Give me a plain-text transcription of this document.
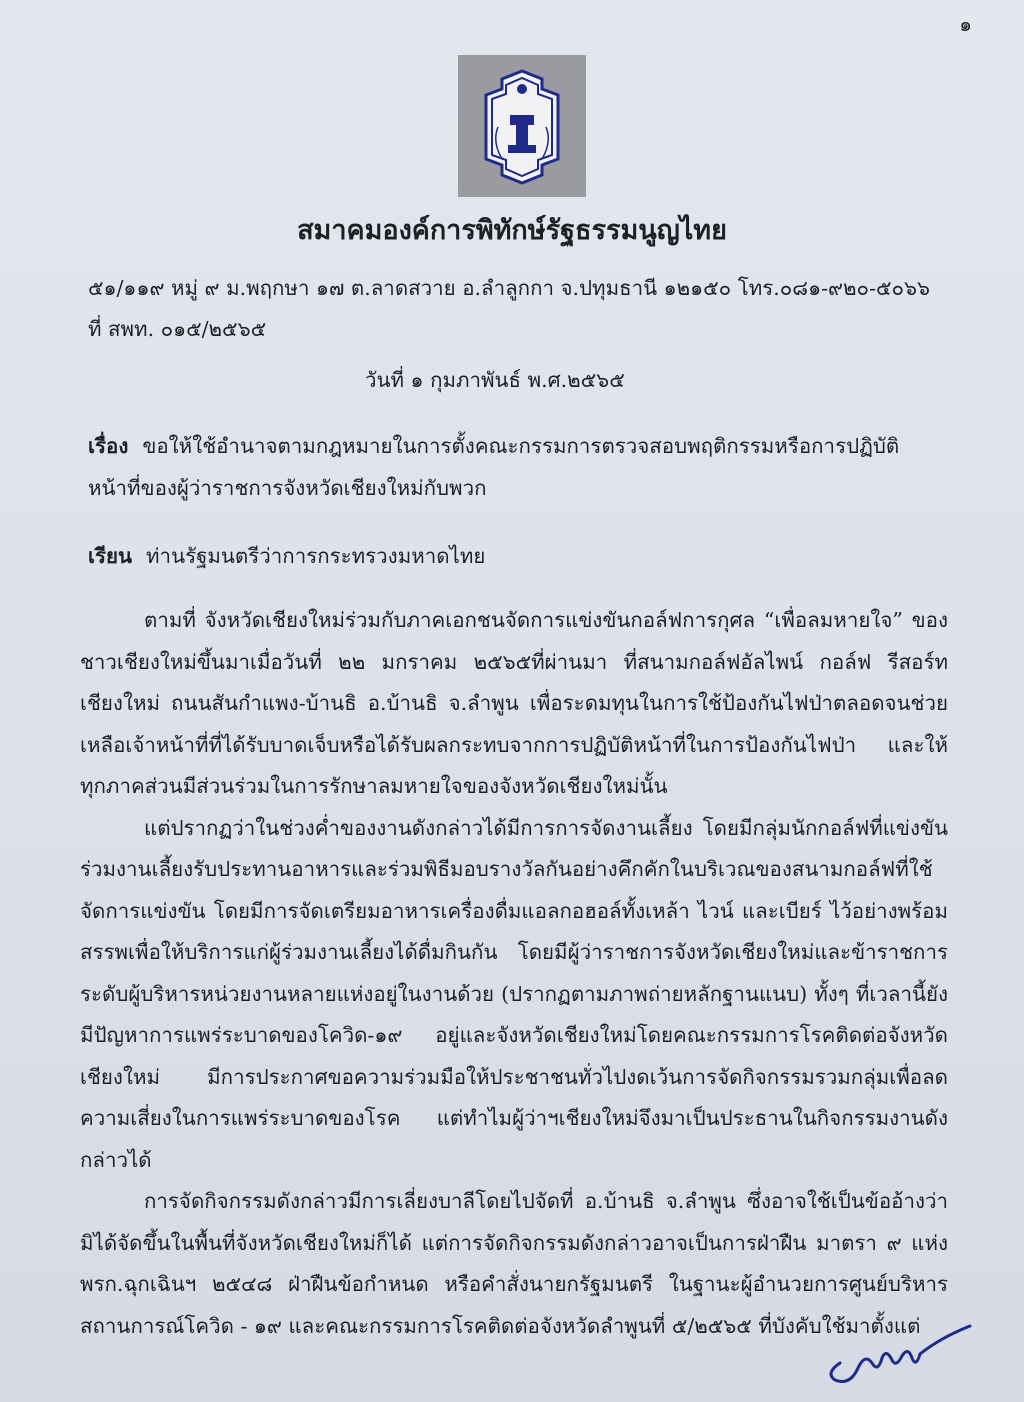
๑
สมาคมองค์การพิทักษ์รัฐธรรมนูญไทย
๕๑/๑๑๙ หมู่ ๙ ม.พฤกษา ๑๗ ต.ลาดสวาย อ.ลำลูกกา จ.ปทุมธานี ๑๒๑๕๐ โทร.๐๘๑-๙๒๐-๕๐๖๖
ที่ สพท. ๐๑๕/๒๕๖๕
วันที่ ๑ กุมภาพันธ์ พ.ศ.๒๕๖๕
เรื่อง ขอให้ใช้อำนาจตามกฎหมายในการตั้งคณะกรรมการตรวจสอบพฤติกรรมหรือการปฏิบัติหน้าที่ของผู้ว่าราชการจังหวัดเชียงใหม่กับพวก
เรียน ท่านรัฐมนตรีว่าการกระทรวงมหาดไทย

ตามที่ จังหวัดเชียงใหม่ร่วมกับภาคเอกชนจัดการแข่งขันกอล์ฟการกุศล “เพื่อลมหายใจ” ของชาวเชียงใหม่ขึ้นมาเมื่อวันที่ ๒๒ มกราคม ๒๕๖๕ที่ผ่านมา ที่สนามกอล์ฟอัลไพน์ กอล์ฟ รีสอร์ท เชียงใหม่ ถนนสันกำแพง-บ้านธิ อ.บ้านธิ จ.ลำพูน เพื่อระดมทุนในการใช้ป้องกันไฟป่าตลอดจนช่วยเหลือเจ้าหน้าที่ที่ได้รับบาดเจ็บหรือได้รับผลกระทบจากการปฏิบัติหน้าที่ในการป้องกันไฟป่า และให้ทุกภาคส่วนมีส่วนร่วมในการรักษาลมหายใจของจังหวัดเชียงใหม่นั้น

แต่ปรากฏว่าในช่วงค่ำของงานดังกล่าวได้มีการการจัดงานเลี้ยง โดยมีกลุ่มนักกอล์ฟที่แข่งขันร่วมงานเลี้ยงรับประทานอาหารและร่วมพิธีมอบรางวัลกันอย่างคึกคักในบริเวณของสนามกอล์ฟที่ใช้จัดการแข่งขัน โดยมีการจัดเตรียมอาหารเครื่องดื่มแอลกอฮอล์ทั้งเหล้า ไวน์ และเบียร์ ไว้อย่างพร้อมสรรพเพื่อให้บริการแก่ผู้ร่วมงานเลี้ยงได้ดื่มกินกัน โดยมีผู้ว่าราชการจังหวัดเชียงใหม่และข้าราชการระดับผู้บริหารหน่วยงานหลายแห่งอยู่ในงานด้วย (ปรากฏตามภาพถ่ายหลักฐานแนบ) ทั้งๆ ที่เวลานี้ยังมีปัญหาการแพร่ระบาดของโควิด-๑๙ อยู่และจังหวัดเชียงใหม่โดยคณะกรรมการโรคติดต่อจังหวัดเชียงใหม่ มีการประกาศขอความร่วมมือให้ประชาชนทั่วไปงดเว้นการจัดกิจกรรมรวมกลุ่มเพื่อลดความเสี่ยงในการแพร่ระบาดของโรค แต่ทำไมผู้ว่าฯเชียงใหม่จึงมาเป็นประธานในกิจกรรมงานดังกล่าวได้

การจัดกิจกรรมดังกล่าวมีการเลี่ยงบาลีโดยไปจัดที่ อ.บ้านธิ จ.ลำพูน ซึ่งอาจใช้เป็นข้ออ้างว่ามิได้จัดขึ้นในพื้นที่จังหวัดเชียงใหม่ก็ได้ แต่การจัดกิจกรรมดังกล่าวอาจเป็นการฝ่าฝืน มาตรา ๙ แห่ง พรก.ฉุกเฉินฯ ๒๕๔๘ ฝ่าฝืนข้อกำหนด หรือคำสั่งนายกรัฐมนตรี ในฐานะผู้อำนวยการศูนย์บริหารสถานการณ์โควิด - ๑๙ และคณะกรรมการโรคติดต่อจังหวัดลำพูนที่ ๕/๒๕๖๕ ที่บังคับใช้มาตั้งแต่
